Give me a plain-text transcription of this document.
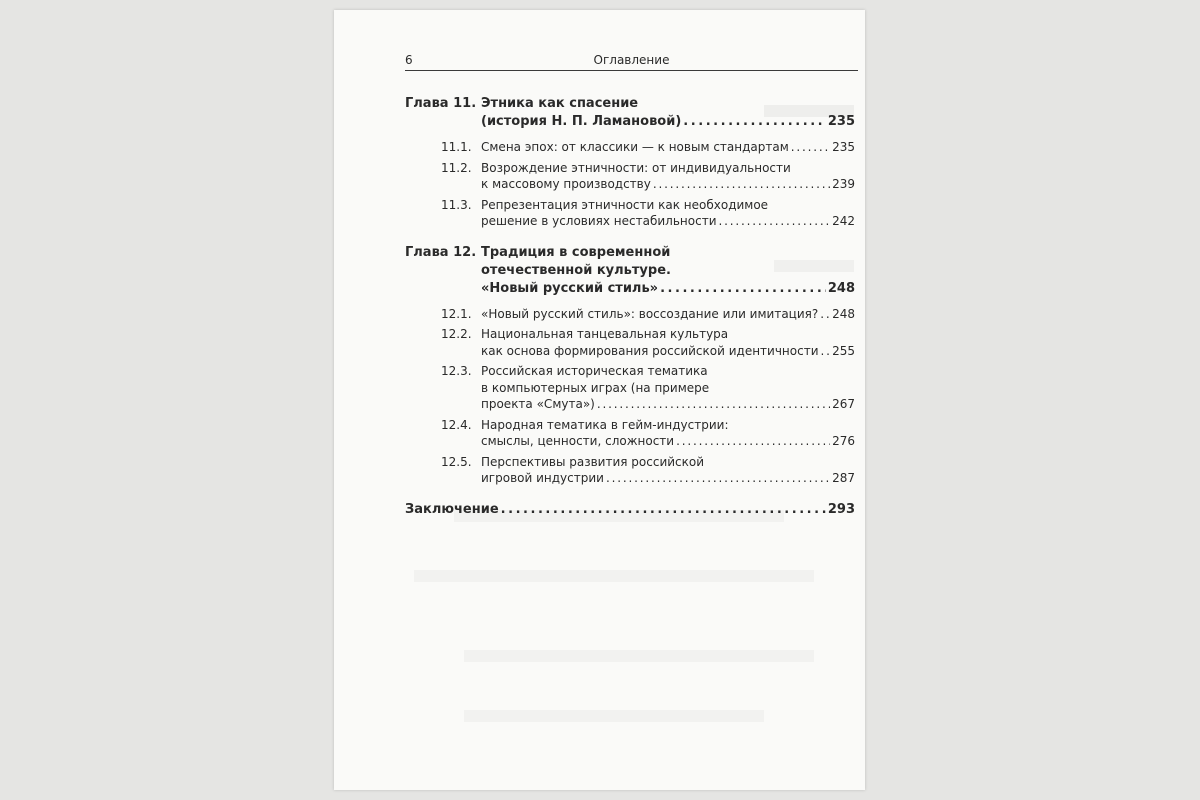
6	Оглавление
Глава 11. Этника как спасение
(история Н. П. Ламановой) . . .	235
11.1. Смена эпох: от классики — к новым стандартам . . .	235
11.2. Возрождение этничности: от индивидуальности
к массовому производству . . .	239
11.3. Репрезентация этничности как необходимое
решение в условиях нестабильности . . .	242
Глава 12. Традиция в современной
отечественной культуре.
«Новый русский стиль» . . .	248
12.1. «Новый русский стиль»: воссоздание или имитация? . . . 248
12.2. Национальная танцевальная культура
как основа формирования российской идентичности . . . 255
12.3. Российская историческая тематика
в компьютерных играх (на примере
проекта «Смута») . . .	267
12.4. Народная тематика в гейм-индустрии:
смыслы, ценности, сложности . . .	276
12.5. Перспективы развития российской
игровой индустрии . . .	287
Заключение . . .	293
